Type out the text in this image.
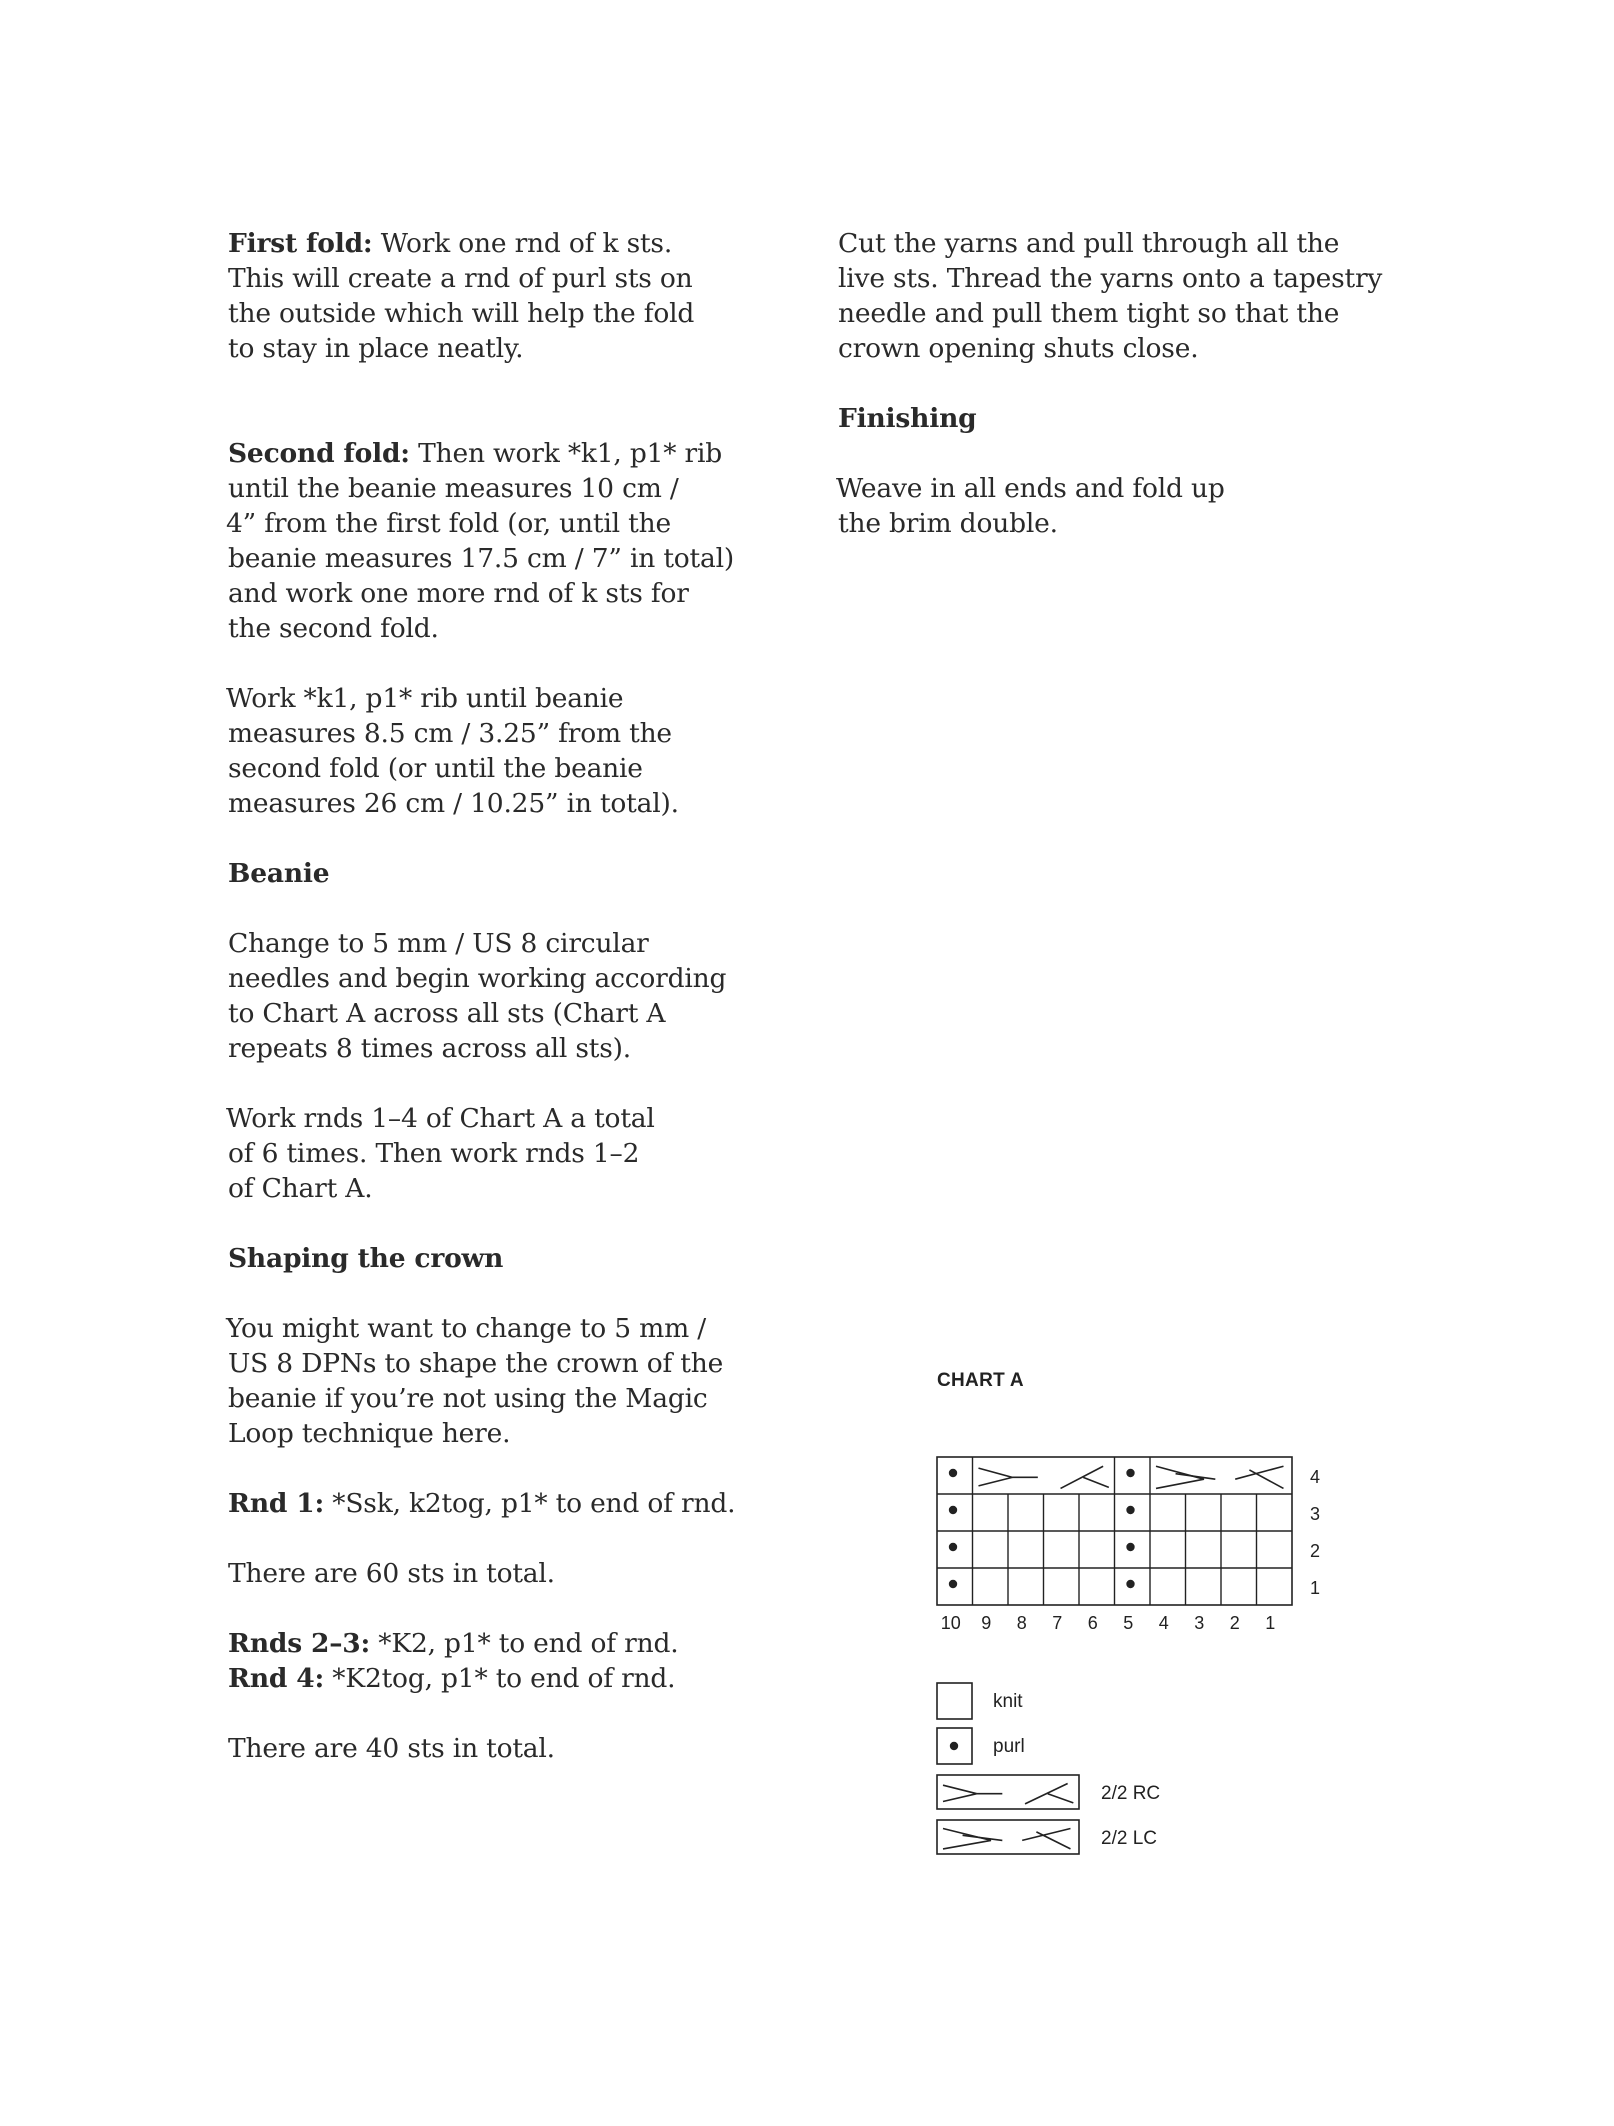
First fold: Work one rnd of k sts.
This will create a rnd of purl sts on
the outside which will help the fold
to stay in place neatly.

Second fold: Then work *k1, p1* rib
until the beanie measures 10 cm /
4” from the first fold (or, until the
beanie measures 17.5 cm / 7” in total)
and work one more rnd of k sts for
the second fold.

Work *k1, p1* rib until beanie
measures 8.5 cm / 3.25” from the
second fold (or until the beanie
measures 26 cm / 10.25” in total).

Beanie

Change to 5 mm / US 8 circular
needles and begin working according
to Chart A across all sts (Chart A
repeats 8 times across all sts).

Work rnds 1–4 of Chart A a total
of 6 times. Then work rnds 1–2
of Chart A.

Shaping the crown

You might want to change to 5 mm /
US 8 DPNs to shape the crown of the
beanie if you’re not using the Magic
Loop technique here.

Rnd 1: *Ssk, k2tog, p1* to end of rnd.

There are 60 sts in total.

Rnds 2–3: *K2, p1* to end of rnd.
Rnd 4: *K2tog, p1* to end of rnd.

There are 40 sts in total.

Cut the yarns and pull through all the
live sts. Thread the yarns onto a tapestry
needle and pull them tight so that the
crown opening shuts close.

Finishing

Weave in all ends and fold up
the brim double.

CHART A
4
3
2
1
10 9 8 7 6 5 4 3 2 1
knit
purl
2/2 RC
2/2 LC
